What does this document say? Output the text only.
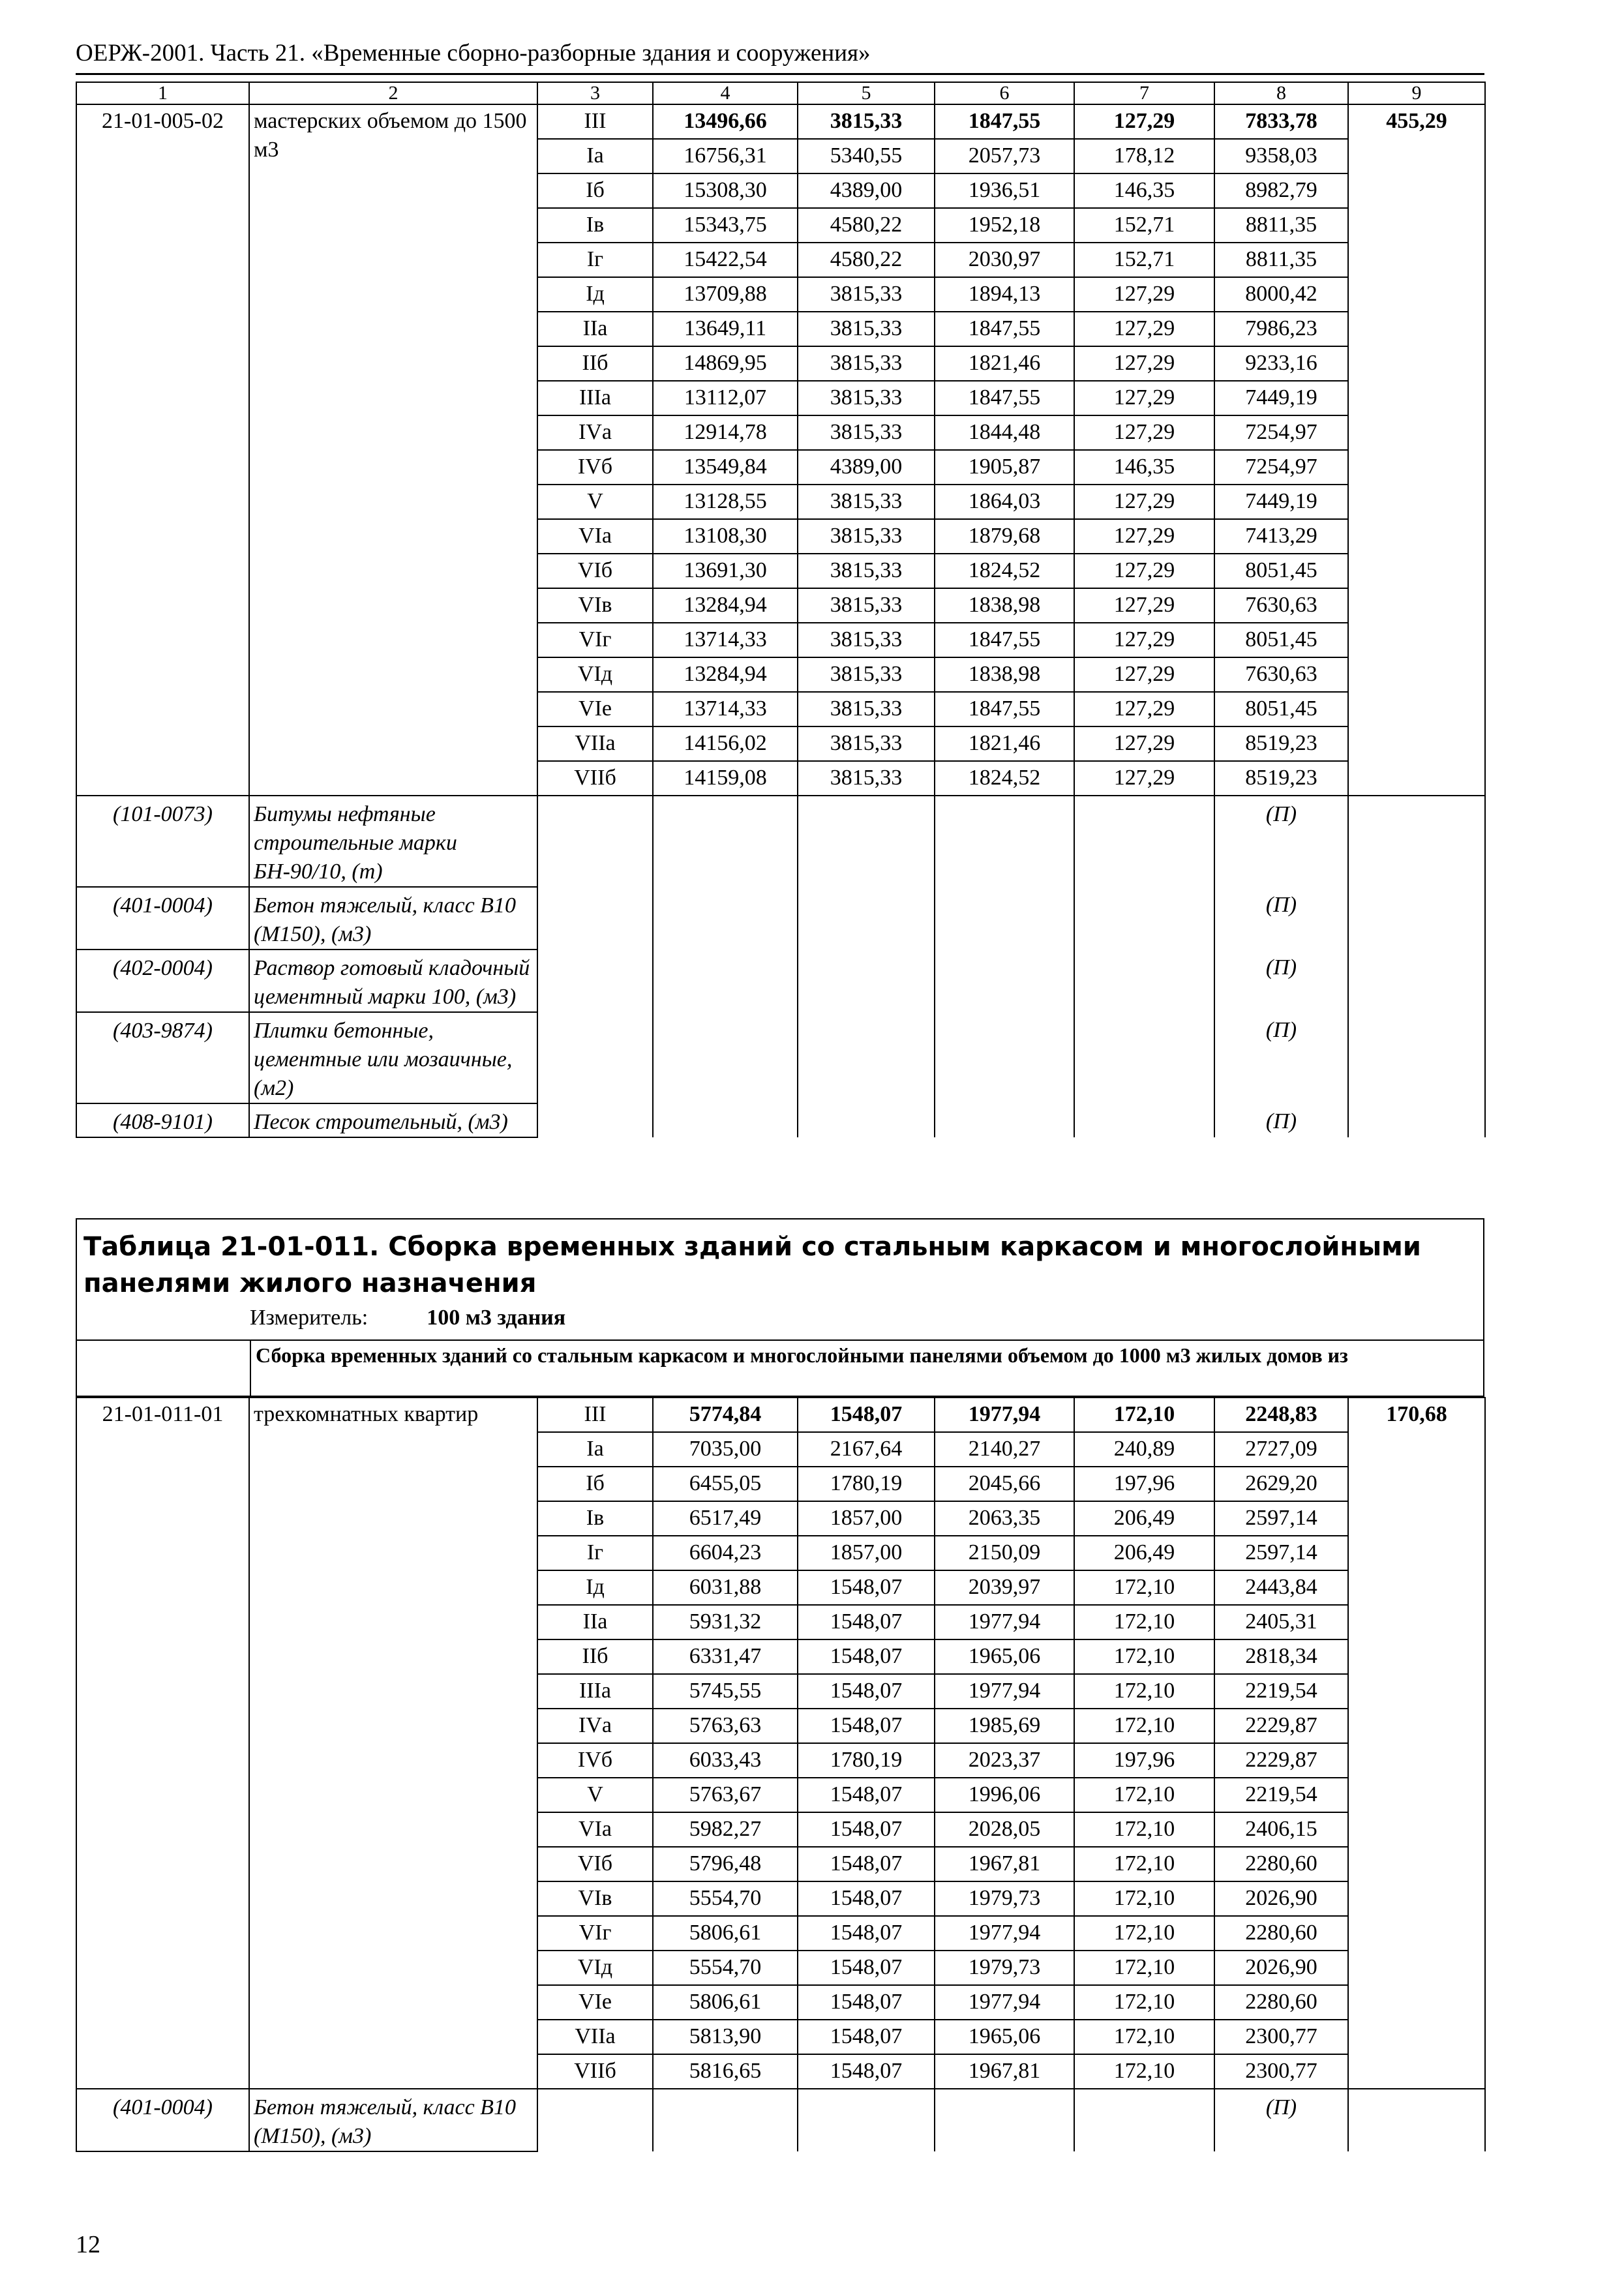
ОЕРЖ-2001. Часть 21. «Временные сборно-разборные здания и сооружения»
1	2	3	4	5	6	7	8	9
21-01-005-02	мастерских объемом до 1500 м3	III	13496,66	3815,33	1847,55	127,29	7833,78	455,29
		Iа	16756,31	5340,55	2057,73	178,12	9358,03	
		Iб	15308,30	4389,00	1936,51	146,35	8982,79	
		Iв	15343,75	4580,22	1952,18	152,71	8811,35	
		Iг	15422,54	4580,22	2030,97	152,71	8811,35	
		Iд	13709,88	3815,33	1894,13	127,29	8000,42	
		IIа	13649,11	3815,33	1847,55	127,29	7986,23	
		IIб	14869,95	3815,33	1821,46	127,29	9233,16	
		IIIа	13112,07	3815,33	1847,55	127,29	7449,19	
		IVа	12914,78	3815,33	1844,48	127,29	7254,97	
		IVб	13549,84	4389,00	1905,87	146,35	7254,97	
		V	13128,55	3815,33	1864,03	127,29	7449,19	
		VIа	13108,30	3815,33	1879,68	127,29	7413,29	
		VIб	13691,30	3815,33	1824,52	127,29	8051,45	
		VIв	13284,94	3815,33	1838,98	127,29	7630,63	
		VIг	13714,33	3815,33	1847,55	127,29	8051,45	
		VIд	13284,94	3815,33	1838,98	127,29	7630,63	
		VIе	13714,33	3815,33	1847,55	127,29	8051,45	
		VIIа	14156,02	3815,33	1821,46	127,29	8519,23	
		VIIб	14159,08	3815,33	1824,52	127,29	8519,23	
(101-0073)	Битумы нефтяные строительные марки БН-90/10, (т)						(П)	
(401-0004)	Бетон тяжелый, класс В10 (М150), (м3)						(П)	
(402-0004)	Раствор готовый кладочный цементный марки 100, (м3)						(П)	
(403-9874)	Плитки бетонные, цементные или мозаичные, (м2)						(П)	
(408-9101)	Песок строительный, (м3)						(П)	
Таблица 21-01-011. Сборка временных зданий со стальным каркасом и многослойными панелями жилого назначения
Измеритель:	100 м3 здания
Сборка временных зданий со стальным каркасом и многослойными панелями объемом до 1000 м3 жилых домов из
21-01-011-01	трехкомнатных квартир	III	5774,84	1548,07	1977,94	172,10	2248,83	170,68
		Iа	7035,00	2167,64	2140,27	240,89	2727,09	
		Iб	6455,05	1780,19	2045,66	197,96	2629,20	
		Iв	6517,49	1857,00	2063,35	206,49	2597,14	
		Iг	6604,23	1857,00	2150,09	206,49	2597,14	
		Iд	6031,88	1548,07	2039,97	172,10	2443,84	
		IIа	5931,32	1548,07	1977,94	172,10	2405,31	
		IIб	6331,47	1548,07	1965,06	172,10	2818,34	
		IIIа	5745,55	1548,07	1977,94	172,10	2219,54	
		IVа	5763,63	1548,07	1985,69	172,10	2229,87	
		IVб	6033,43	1780,19	2023,37	197,96	2229,87	
		V	5763,67	1548,07	1996,06	172,10	2219,54	
		VIа	5982,27	1548,07	2028,05	172,10	2406,15	
		VIб	5796,48	1548,07	1967,81	172,10	2280,60	
		VIв	5554,70	1548,07	1979,73	172,10	2026,90	
		VIг	5806,61	1548,07	1977,94	172,10	2280,60	
		VIд	5554,70	1548,07	1979,73	172,10	2026,90	
		VIе	5806,61	1548,07	1977,94	172,10	2280,60	
		VIIа	5813,90	1548,07	1965,06	172,10	2300,77	
		VIIб	5816,65	1548,07	1967,81	172,10	2300,77	
(401-0004)	Бетон тяжелый, класс В10 (М150), (м3)						(П)	
12
